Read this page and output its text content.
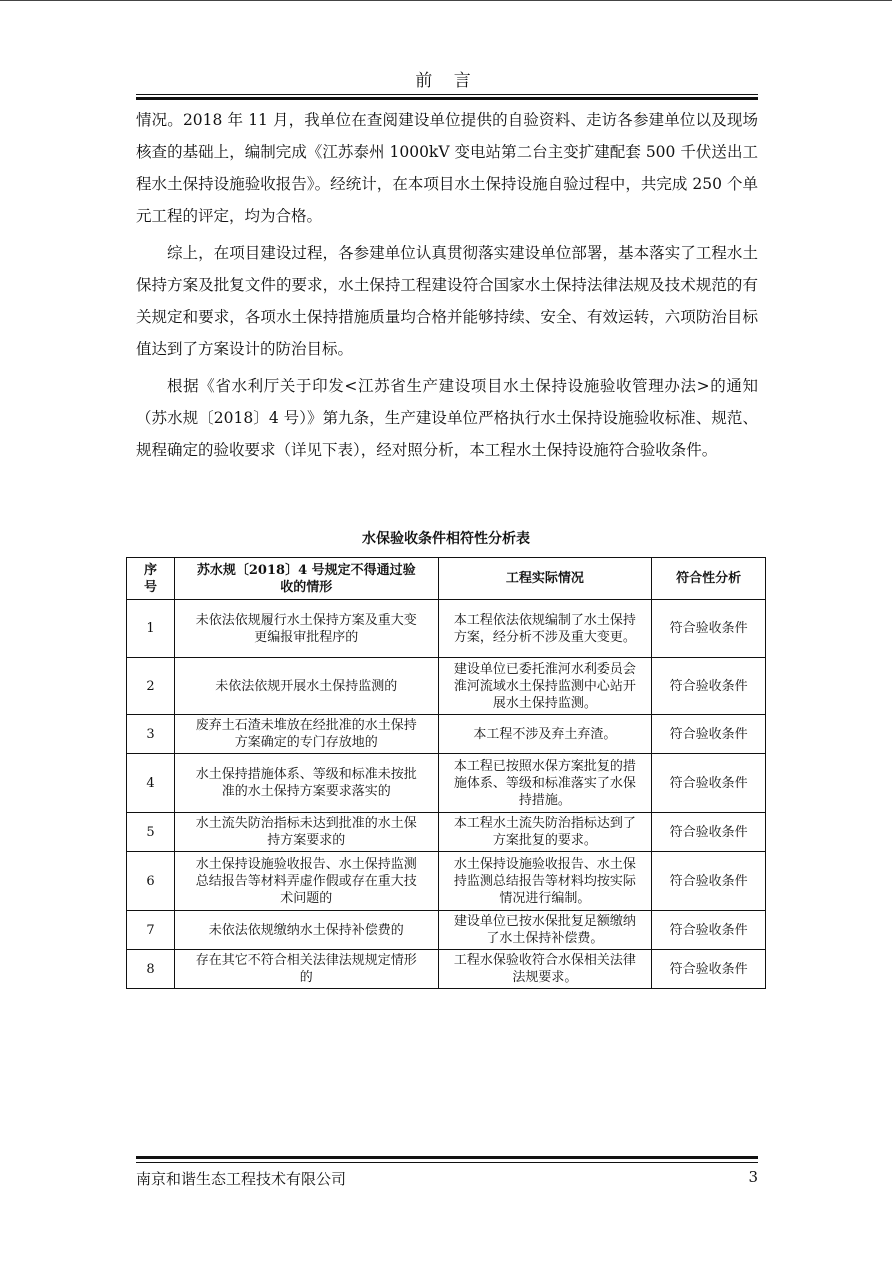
前 言

情况。2018 年 11 月，我单位在查阅建设单位提供的自验资料、走访各参建单位以及现场核查的基础上，编制完成《江苏泰州 1000kV 变电站第二台主变扩建配套 500 千伏送出工程水土保持设施验收报告》。经统计，在本项目水土保持设施自验过程中，共完成 250 个单元工程的评定，均为合格。

综上，在项目建设过程，各参建单位认真贯彻落实建设单位部署，基本落实了工程水土保持方案及批复文件的要求，水土保持工程建设符合国家水土保持法律法规及技术规范的有关规定和要求，各项水土保持措施质量均合格并能够持续、安全、有效运转，六项防治目标值达到了方案设计的防治目标。

根据《省水利厅关于印发<江苏省生产建设项目水土保持设施验收管理办法>的通知（苏水规〔2018〕4 号）》第九条，生产建设单位严格执行水土保持设施验收标准、规范、规程确定的验收要求（详见下表），经对照分析，本工程水土保持设施符合验收条件。

水保验收条件相符性分析表
序号	苏水规〔2018〕4 号规定不得通过验收的情形	工程实际情况	符合性分析
1	未依法依规履行水土保持方案及重大变更编报审批程序的	本工程依法依规编制了水土保持方案，经分析不涉及重大变更。	符合验收条件
2	未依法依规开展水土保持监测的	建设单位已委托淮河水利委员会淮河流域水土保持监测中心站开展水土保持监测。	符合验收条件
3	废弃土石渣未堆放在经批准的水土保持方案确定的专门存放地的	本工程不涉及弃土弃渣。	符合验收条件
4	水土保持措施体系、等级和标准未按批准的水土保持方案要求落实的	本工程已按照水保方案批复的措施体系、等级和标准落实了水保持措施。	符合验收条件
5	水土流失防治指标未达到批准的水土保持方案要求的	本工程水土流失防治指标达到了方案批复的要求。	符合验收条件
6	水土保持设施验收报告、水土保持监测总结报告等材料弄虚作假或存在重大技术问题的	水土保持设施验收报告、水土保持监测总结报告等材料均按实际情况进行编制。	符合验收条件
7	未依法依规缴纳水土保持补偿费的	建设单位已按水保批复足额缴纳了水土保持补偿费。	符合验收条件
8	存在其它不符合相关法律法规规定情形的	工程水保验收符合水保相关法律法规要求。	符合验收条件
南京和谐生态工程技术有限公司	3
